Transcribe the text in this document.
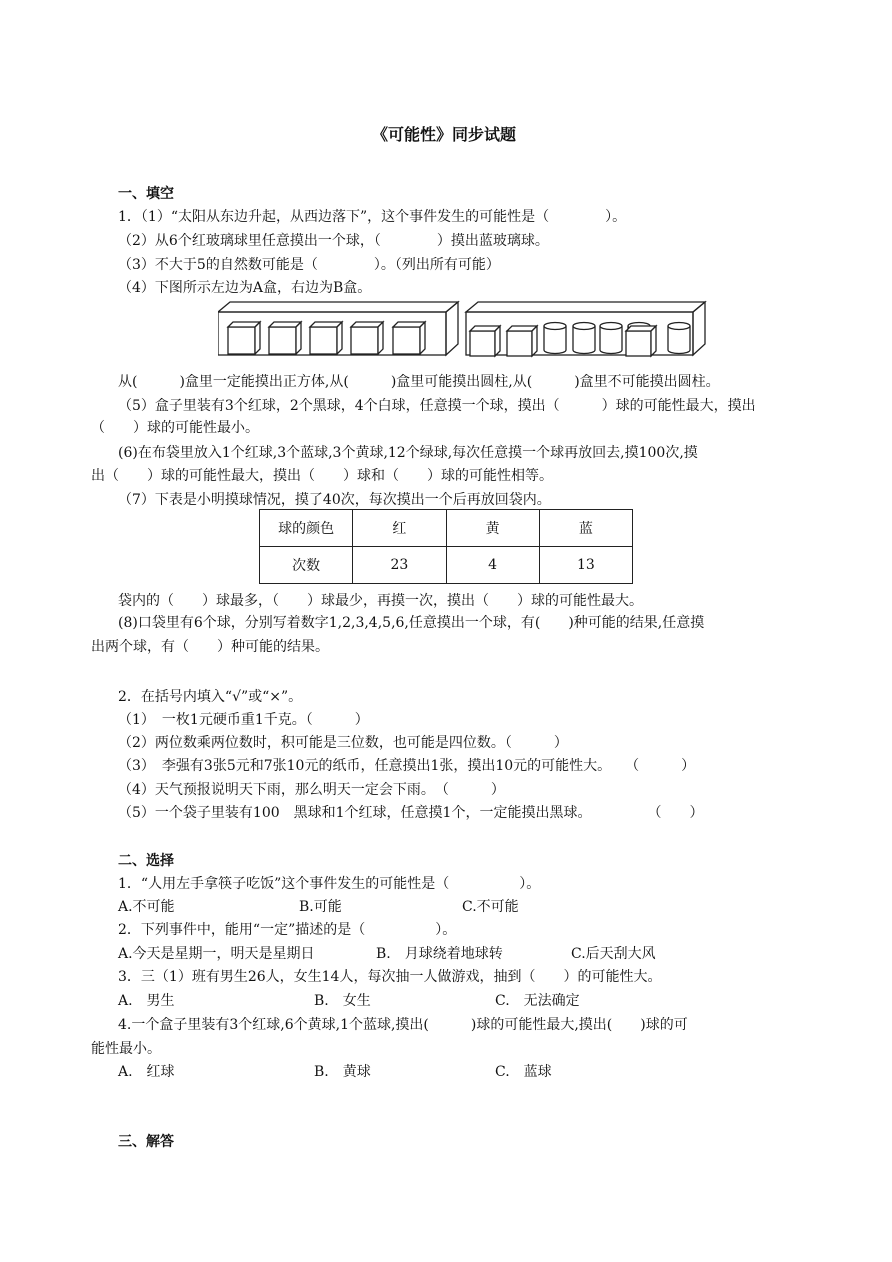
《可能性》同步试题
一、填空
1．（1）“太阳从东边升起，从西边落下”，这个事件发生的可能性是（　　　　）。
（2）从6个红玻璃球里任意摸出一个球，（　　　　）摸出蓝玻璃球。
（3）不大于5的自然数可能是（　　　　）。（列出所有可能）
（4）下图所示左边为A盒，右边为B盒。
从(　　　)盒里一定能摸出正方体,从(　　　)盒里可能摸出圆柱,从(　　　)盒里不可能摸出圆柱。
（5）盒子里装有3个红球，2个黑球，4个白球，任意摸一个球，摸出（　　　）球的可能性最大，摸出
（　　）球的可能性最小。
(6)在布袋里放入1个红球,3个蓝球,3个黄球,12个绿球,每次任意摸一个球再放回去,摸100次,摸
出（　　）球的可能性最大，摸出（　　）球和（　　）球的可能性相等。
（7）下表是小明摸球情况，摸了40次，每次摸出一个后再放回袋内。
球的颜色	红	黄	蓝
次数	23	4	13
袋内的（　　）球最多，（　　）球最少，再摸一次，摸出（　　）球的可能性最大。
(8)口袋里有6个球，分别写着数字1,2,3,4,5,6,任意摸出一个球，有(　　)种可能的结果,任意摸
出两个球，有（　　）种可能的结果。
2．在括号内填入“√”或“×”。
（1）　一枚1元硬币重1千克。（　　　）
（2）两位数乘两位数时，积可能是三位数，也可能是四位数。（　　　）
（3）　李强有3张5元和7张10元的纸币，任意摸出1张，摸出10元的可能性大。　　（　　　）
（4）天气预报说明天下雨，那么明天一定会下雨。　（　　　）
（5）一个袋子里装有100　黑球和1个红球，任意摸1个，一定能摸出黑球。　　　　　（　　）
二、选择
1．“人用左手拿筷子吃饭”这个事件发生的可能性是（　　　　　）。
A.不可能	B.可能	C.不可能
2．下列事件中，能用“一定”描述的是（　　　　　）。
A.今天是星期一，明天是星期日	B.　月球绕着地球转	C.后天刮大风
3．三（1）班有男生26人，女生14人，每次抽一人做游戏，抽到（　　）的可能性大。
A.　男生	B.　女生	C.　无法确定
4.一个盒子里装有3个红球,6个黄球,1个蓝球,摸出(　　　)球的可能性最大,摸出(　　)球的可
能性最小。
A.　红球	B.　黄球	C.　蓝球
三、解答
